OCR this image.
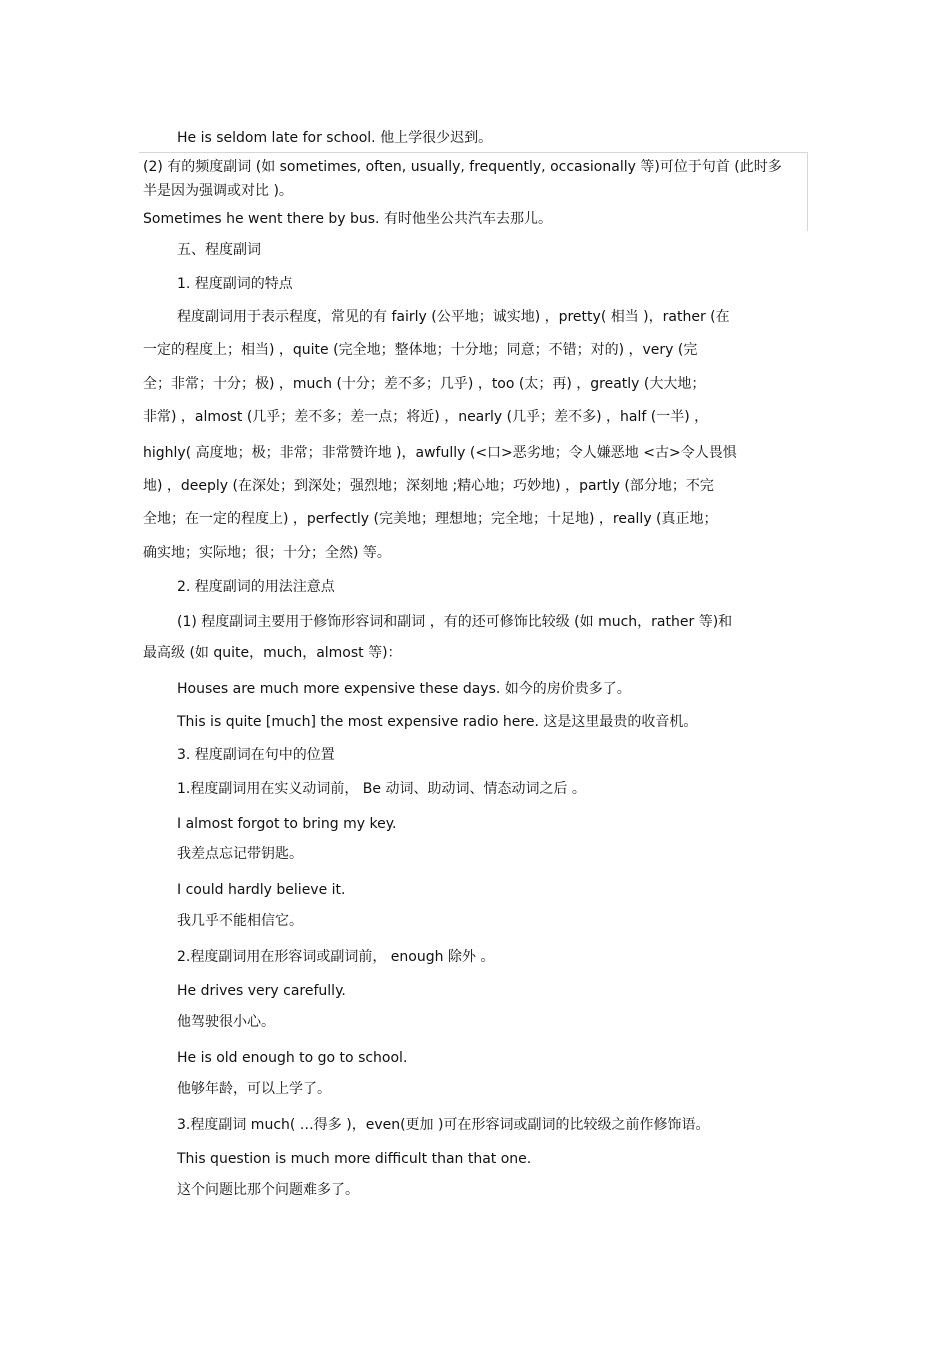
He is seldom late for school. 他上学很少迟到。
(2) 有的频度副词 (如 sometimes, often, usually, frequently, occasionally 等)可位于句首 (此时多
半是因为强调或对比 )。
Sometimes he went there by bus. 有时他坐公共汽车去那儿。
五、程度副词
1. 程度副词的特点
程度副词用于表示程度，常见的有 fairly (公平地；诚实地) ，pretty( 相当 )，rather (在
一定的程度上；相当) ，quite (完全地；整体地；十分地；同意；不错；对的) ，very (完
全；非常；十分；极) ，much (十分；差不多；几乎) ，too (太；再) ，greatly (大大地；
非常) ，almost (几乎；差不多；差一点；将近) ，nearly (几乎；差不多) ，half (一半) ，
highly( 高度地；极；非常；非常赞许地 )，awfully (<口>恶劣地；令人嫌恶地 <古>令人畏惧
地) ，deeply (在深处；到深处；强烈地；深刻地 ;精心地；巧妙地) ，partly (部分地；不完
全地；在一定的程度上) ，perfectly (完美地；理想地；完全地；十足地) ，really (真正地；
确实地；实际地；很；十分；全然) 等。
2. 程度副词的用法注意点
(1) 程度副词主要用于修饰形容词和副词 ，有的还可修饰比较级 (如 much，rather 等)和
最高级 (如 quite，much，almost 等)：
Houses are much more expensive these days. 如今的房价贵多了。
This is quite [much] the most expensive radio here. 这是这里最贵的收音机。
3. 程度副词在句中的位置
1.程度副词用在实义动词前， Be 动词、助动词、情态动词之后 。
I almost forgot to bring my key.
我差点忘记带钥匙。
I could hardly believe it.
我几乎不能相信它。
2.程度副词用在形容词或副词前， enough 除外 。
He drives very carefully.
他驾驶很小心。
He is old enough to go to school.
他够年龄，可以上学了。
3.程度副词 much( …得多 )，even(更加 )可在形容词或副词的比较级之前作修饰语。
This question is much more difficult than that one.
这个问题比那个问题难多了。
